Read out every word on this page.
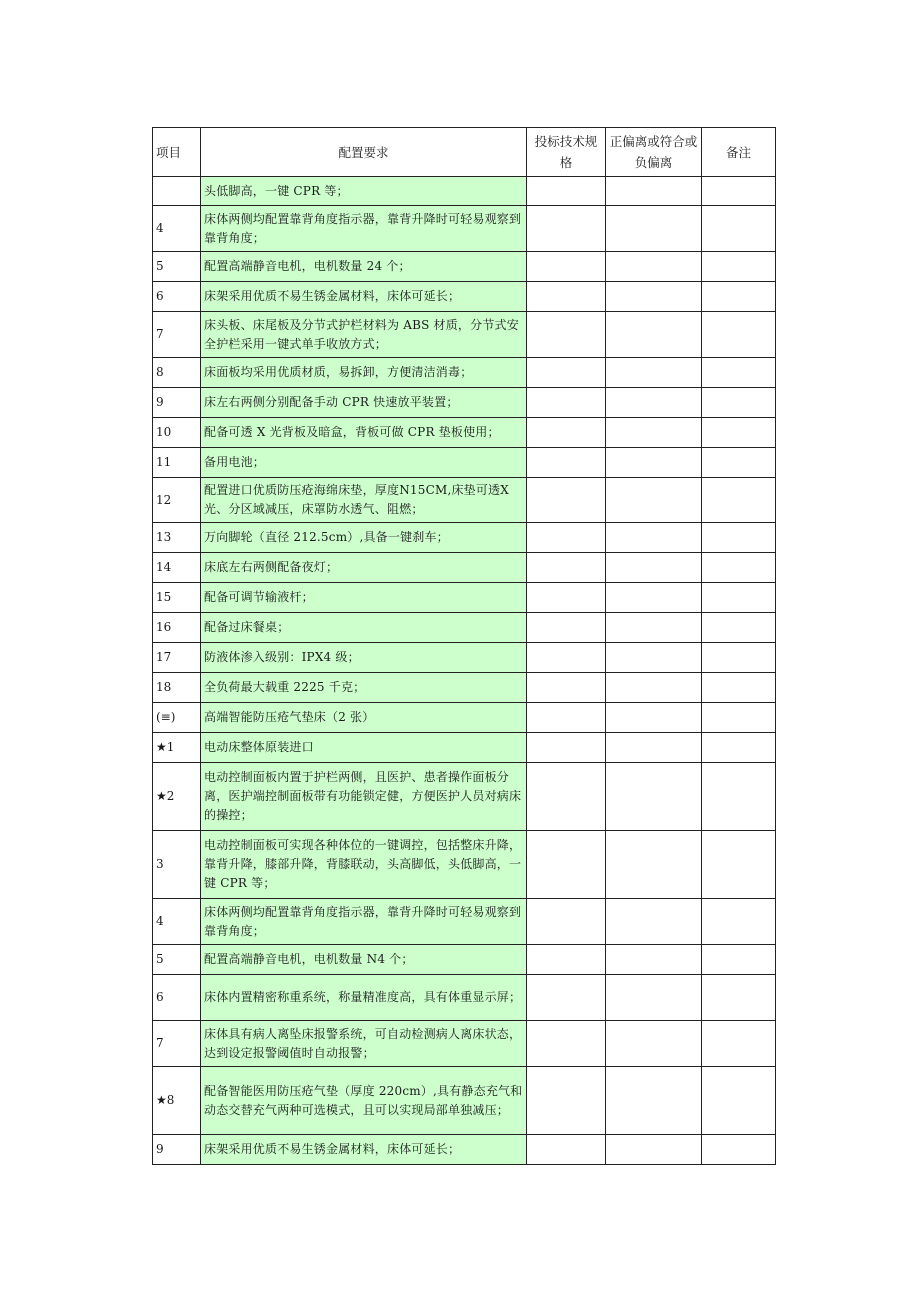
项目	配置要求	投标技术规格	正偏离或符合或负偏离	备注
	头低脚高，一键 CPR 等；			
4	床体两侧均配置靠背角度指示器，靠背升降时可轻易观察到靠背角度；			
5	配置高端静音电机，电机数量 24 个；			
6	床架采用优质不易生锈金属材料，床体可延长；			
7	床头板、床尾板及分节式护栏材料为 ABS 材质，分节式安全护栏采用一键式单手收放方式；			
8	床面板均采用优质材质，易拆卸，方便清洁消毒；			
9	床左右两侧分别配备手动 CPR 快速放平装置；			
10	配备可透 X 光背板及暗盒，背板可做 CPR 垫板使用；			
11	备用电池；			
12	配置进口优质防压疮海绵床垫，厚度N15CM,床垫可透X光、分区域减压，床罩防水透气、阻燃；			
13	万向脚轮（直径 212.5cm）,具备一键刹车；			
14	床底左右两侧配备夜灯；			
15	配备可调节输液杆；			
16	配备过床餐桌；			
17	防液体渗入级别：IPX4 级；			
18	全负荷最大载重 2225 千克；			
(≡)	高端智能防压疮气垫床（2 张）			
★1	电动床整体原装进口			
★2	电动控制面板内置于护栏两侧，且医护、患者操作面板分离，医护端控制面板带有功能锁定健，方便医护人员对病床的操控；			
3	电动控制面板可实现各种体位的一键调控，包括整床升降，靠背升降，膝部升降，背膝联动，头高脚低，头低脚高，一键 CPR 等；			
4	床体两侧均配置靠背角度指示器，靠背升降时可轻易观察到靠背角度；			
5	配置高端静音电机，电机数量 N4 个；			
6	床体内置精密称重系统，称量精准度高，具有体重显示屏；			
7	床体具有病人离坠床报警系统，可自动检测病人离床状态，达到设定报警阈值时自动报警；			
★8	配备智能医用防压疮气垫（厚度 220cm）,具有静态充气和动态交替充气两种可选模式，且可以实现局部单独减压；			
9	床架采用优质不易生锈金属材料，床体可延长；			
